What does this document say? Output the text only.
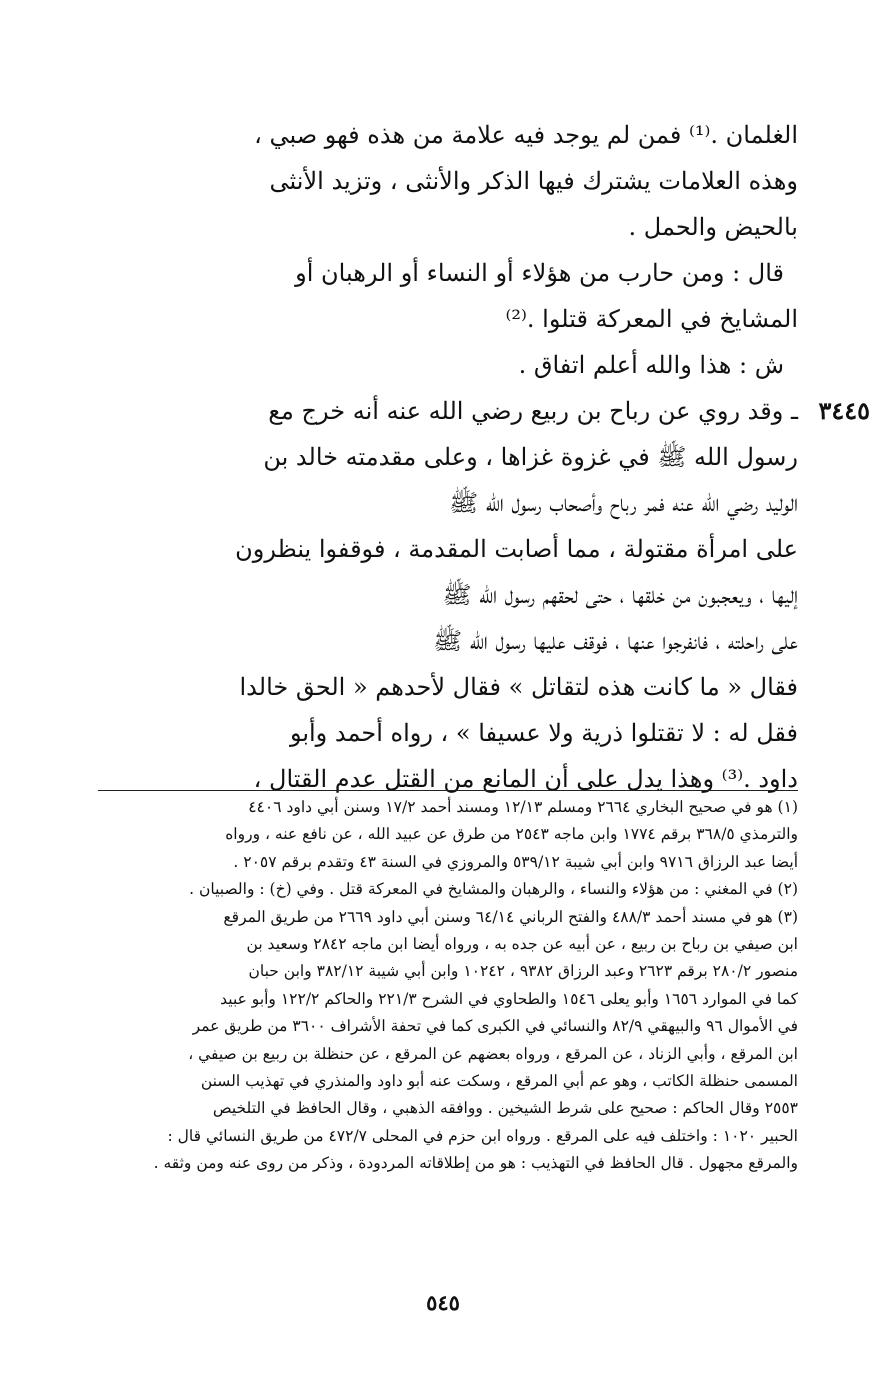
الغلمان .⁽¹⁾ فمن لم يوجد فيه علامة من هذه فهو صبي ،
وهذه العلامات يشترك فيها الذكر والأنثى ، وتزيد الأنثى
بالحيض والحمل .
قال : ومن حارب من هؤلاء أو النساء أو الرهبان أو
المشايخ في المعركة قتلوا .⁽²⁾
ش : هذا والله أعلم اتفاق .
٣٤٤٥
ـ وقد روي عن رباح بن ربيع رضي الله عنه أنه خرج مع
رسول الله ﷺ في غزوة غزاها ، وعلى مقدمته خالد بن
الوليد رضي الله عنه فمر رباح وأصحاب رسول الله ﷺ
على امرأة مقتولة ، مما أصابت المقدمة ، فوقفوا ينظرون
إليها ، ويعجبون من خلقها ، حتى لحقهم رسول الله ﷺ
على راحلته ، فانفرجوا عنها ، فوقف عليها رسول الله ﷺ
فقال « ما كانت هذه لتقاتل » فقال لأحدهم « الحق خالدا
فقل له : لا تقتلوا ذرية ولا عسيفا » ، رواه أحمد وأبو
داود .⁽³⁾ وهذا يدل على أن المانع من القتل عدم القتال ،
(١) هو في صحيح البخاري ٢٦٦٤ ومسلم ١٢/١٣ ومسند أحمد ١٧/٢ وسنن أبي داود ٤٤٠٦
والترمذي ٣٦٨/٥ برقم ١٧٧٤ وابن ماجه ٢٥٤٣ من طرق عن عبيد الله ، عن نافع عنه ، ورواه
أيضا عبد الرزاق ٩٧١٦ وابن أبي شيبة ٥٣٩/١٢ والمروزي في السنة ٤٣ وتقدم برقم ٢٠٥٧ .
(٢) في المغني : من هؤلاء والنساء ، والرهبان والمشايخ في المعركة قتل . وفي (خ) : والصبيان .
(٣) هو في مسند أحمد ٤٨٨/٣ والفتح الرباني ٦٤/١٤ وسنن أبي داود ٢٦٦٩ من طريق المرقع
ابن صيفي بن رباح بن ربيع ، عن أبيه عن جده به ، ورواه أيضا ابن ماجه ٢٨٤٢ وسعيد بن
منصور ٢٨٠/٢ برقم ٢٦٢٣ وعبد الرزاق ٩٣٨٢ ، ١٠٢٤٢ وابن أبي شيبة ٣٨٢/١٢ وابن حبان
كما في الموارد ١٦٥٦ وأبو يعلى ١٥٤٦ والطحاوي في الشرح ٢٢١/٣ والحاكم ١٢٢/٢ وأبو عبيد
في الأموال ٩٦ والبيهقي ٨٢/٩ والنسائي في الكبرى كما في تحفة الأشراف ٣٦٠٠ من طريق عمر
ابن المرقع ، وأبي الزناد ، عن المرقع ، ورواه بعضهم عن المرقع ، عن حنظلة بن ربيع بن صيفي ،
المسمى حنظلة الكاتب ، وهو عم أبي المرقع ، وسكت عنه أبو داود والمنذري في تهذيب السنن
٢٥٥٣ وقال الحاكم : صحيح على شرط الشيخين . ووافقه الذهبي ، وقال الحافظ في التلخيص
الحبير ١٠٢٠ : واختلف فيه على المرقع . ورواه ابن حزم في المحلى ٤٧٢/٧ من طريق النسائي قال :
والمرقع مجهول . قال الحافظ في التهذيب : هو من إطلاقاته المردودة ، وذكر من روى عنه ومن وثقه .
٥٤٥
